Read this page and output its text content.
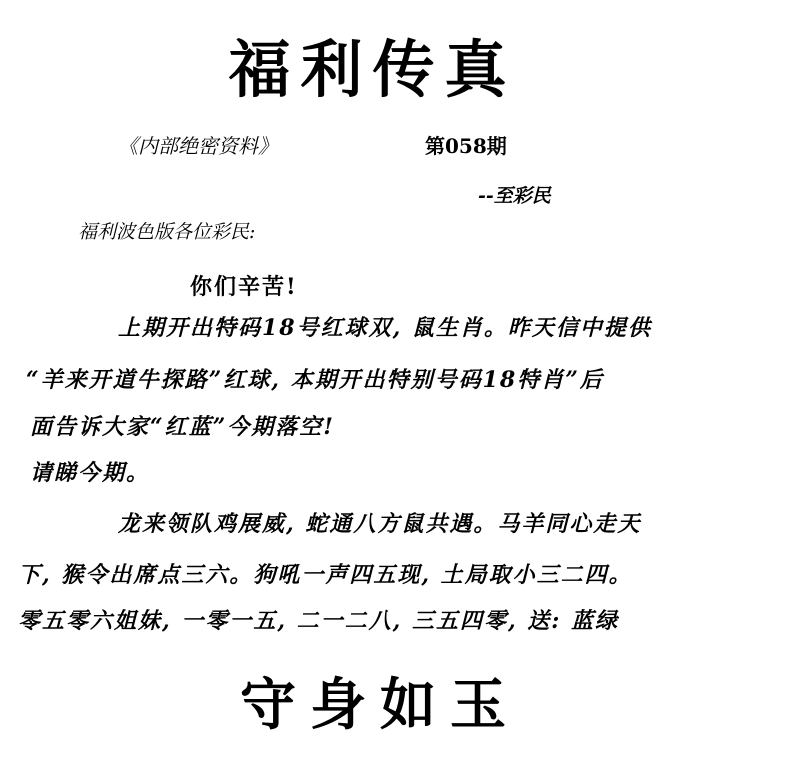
福利传真
《内部绝密资料》	第058期
--至彩民
福利波色版各位彩民:
你们辛苦!
上期开出特码18号红球双, 鼠生肖。昨天信中提供
“羊来开道牛探路”红球, 本期开出特别号码18特肖”后
面告诉大家“红蓝”今期落空!
请睇今期。
龙来领队鸡展威, 蛇通八方鼠共遇。马羊同心走天
下, 猴令出席点三六。狗吼一声四五现, 土局取小三二四。
零五零六姐妹, 一零一五, 二一二八, 三五四零, 送: 蓝绿
守身如玉
